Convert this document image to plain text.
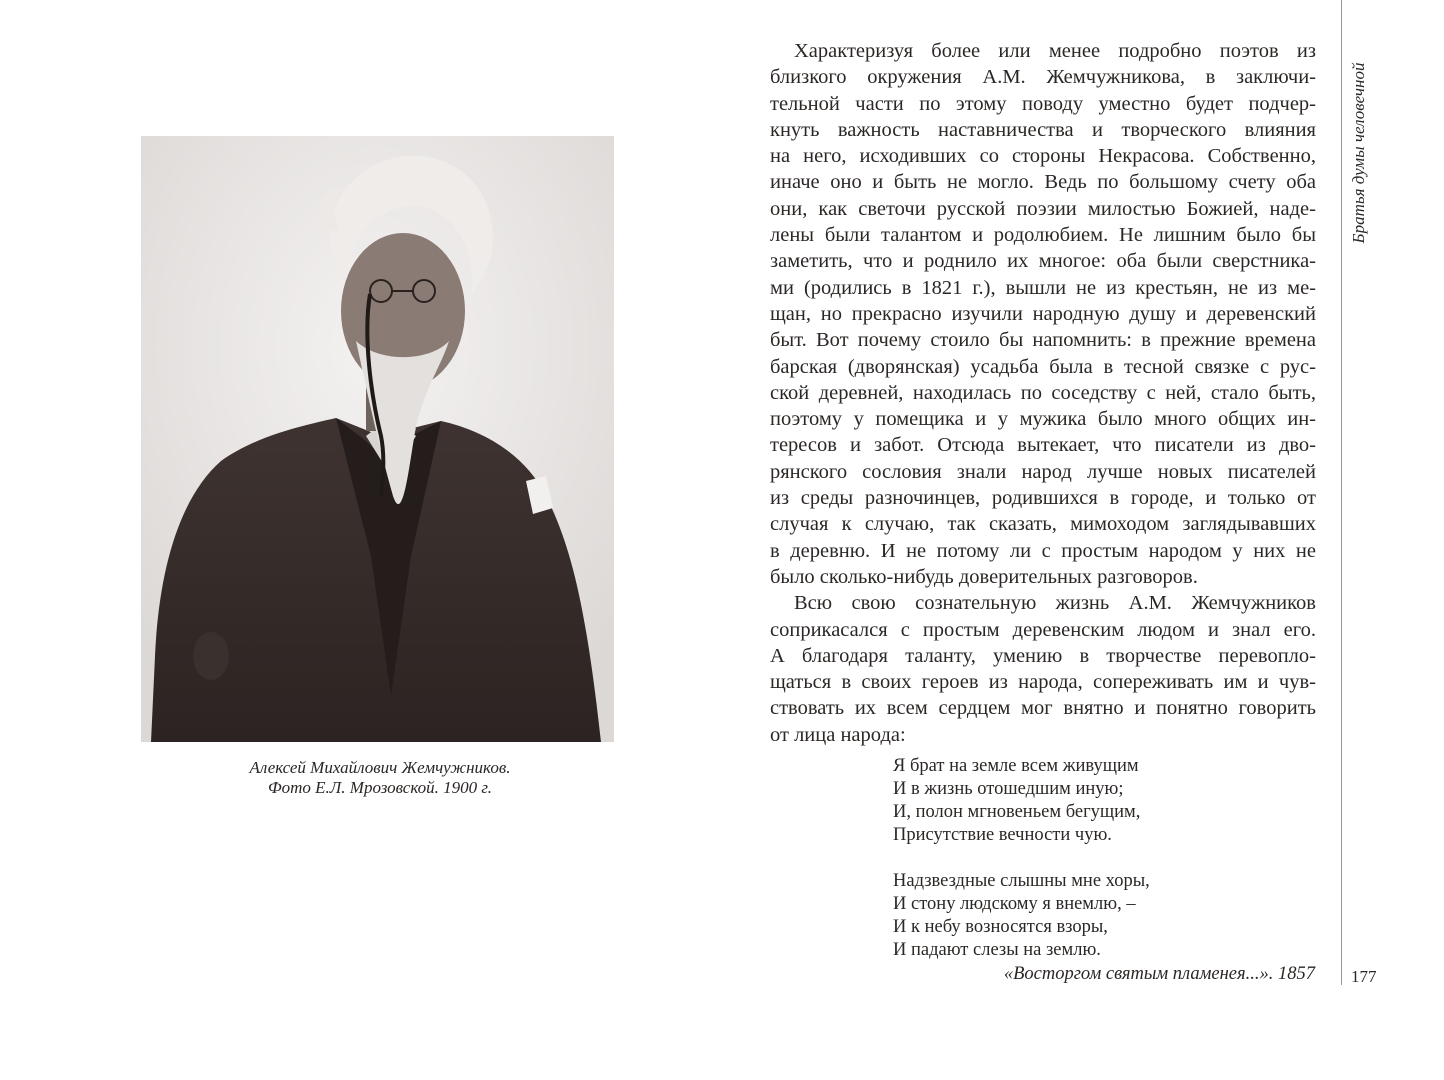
Алексей Михайлович Жемчужников.
Фото Е.Л. Мрозовской. 1900 г.
Характеризуя более или менее подробно поэтов из
близкого окружения А.М. Жемчужникова, в заключи-
тельной части по этому поводу уместно будет подчер-
кнуть важность наставничества и творческого влияния
на него, исходивших со стороны Некрасова. Собственно,
иначе оно и быть не могло. Ведь по большому счету оба
они, как светочи русской поэзии милостью Божией, наде-
лены были талантом и родолюбием. Не лишним было бы
заметить, что и роднило их многое: оба были сверстника-
ми (родились в 1821 г.), вышли не из крестьян, не из ме-
щан, но прекрасно изучили народную душу и деревенский
быт. Вот почему стоило бы напомнить: в прежние времена
барская (дворянская) усадьба была в тесной связке с рус-
ской деревней, находилась по соседству с ней, стало быть,
поэтому у помещика и у мужика было много общих ин-
тересов и забот. Отсюда вытекает, что писатели из дво-
рянского сословия знали народ лучше новых писателей
из среды разночинцев, родившихся в городе, и только от
случая к случаю, так сказать, мимоходом заглядывавших
в деревню. И не потому ли с простым народом у них не
было сколько-нибудь доверительных разговоров.
Всю свою сознательную жизнь А.М. Жемчужников
соприкасался с простым деревенским людом и знал его.
А благодаря таланту, умению в творчестве перевопло-
щаться в своих героев из народа, сопереживать им и чув-
ствовать их всем сердцем мог внятно и понятно говорить
от лица народа:
Я брат на земле всем живущим
И в жизнь отошедшим иную;
И, полон мгновеньем бегущим,
Присутствие вечности чую.
Надзвездные слышны мне хоры,
И стону людскому я внемлю, –
И к небу возносятся взоры,
И падают слезы на землю.
«Восторгом святым пламенея...». 1857
Братья думы человечной
177
